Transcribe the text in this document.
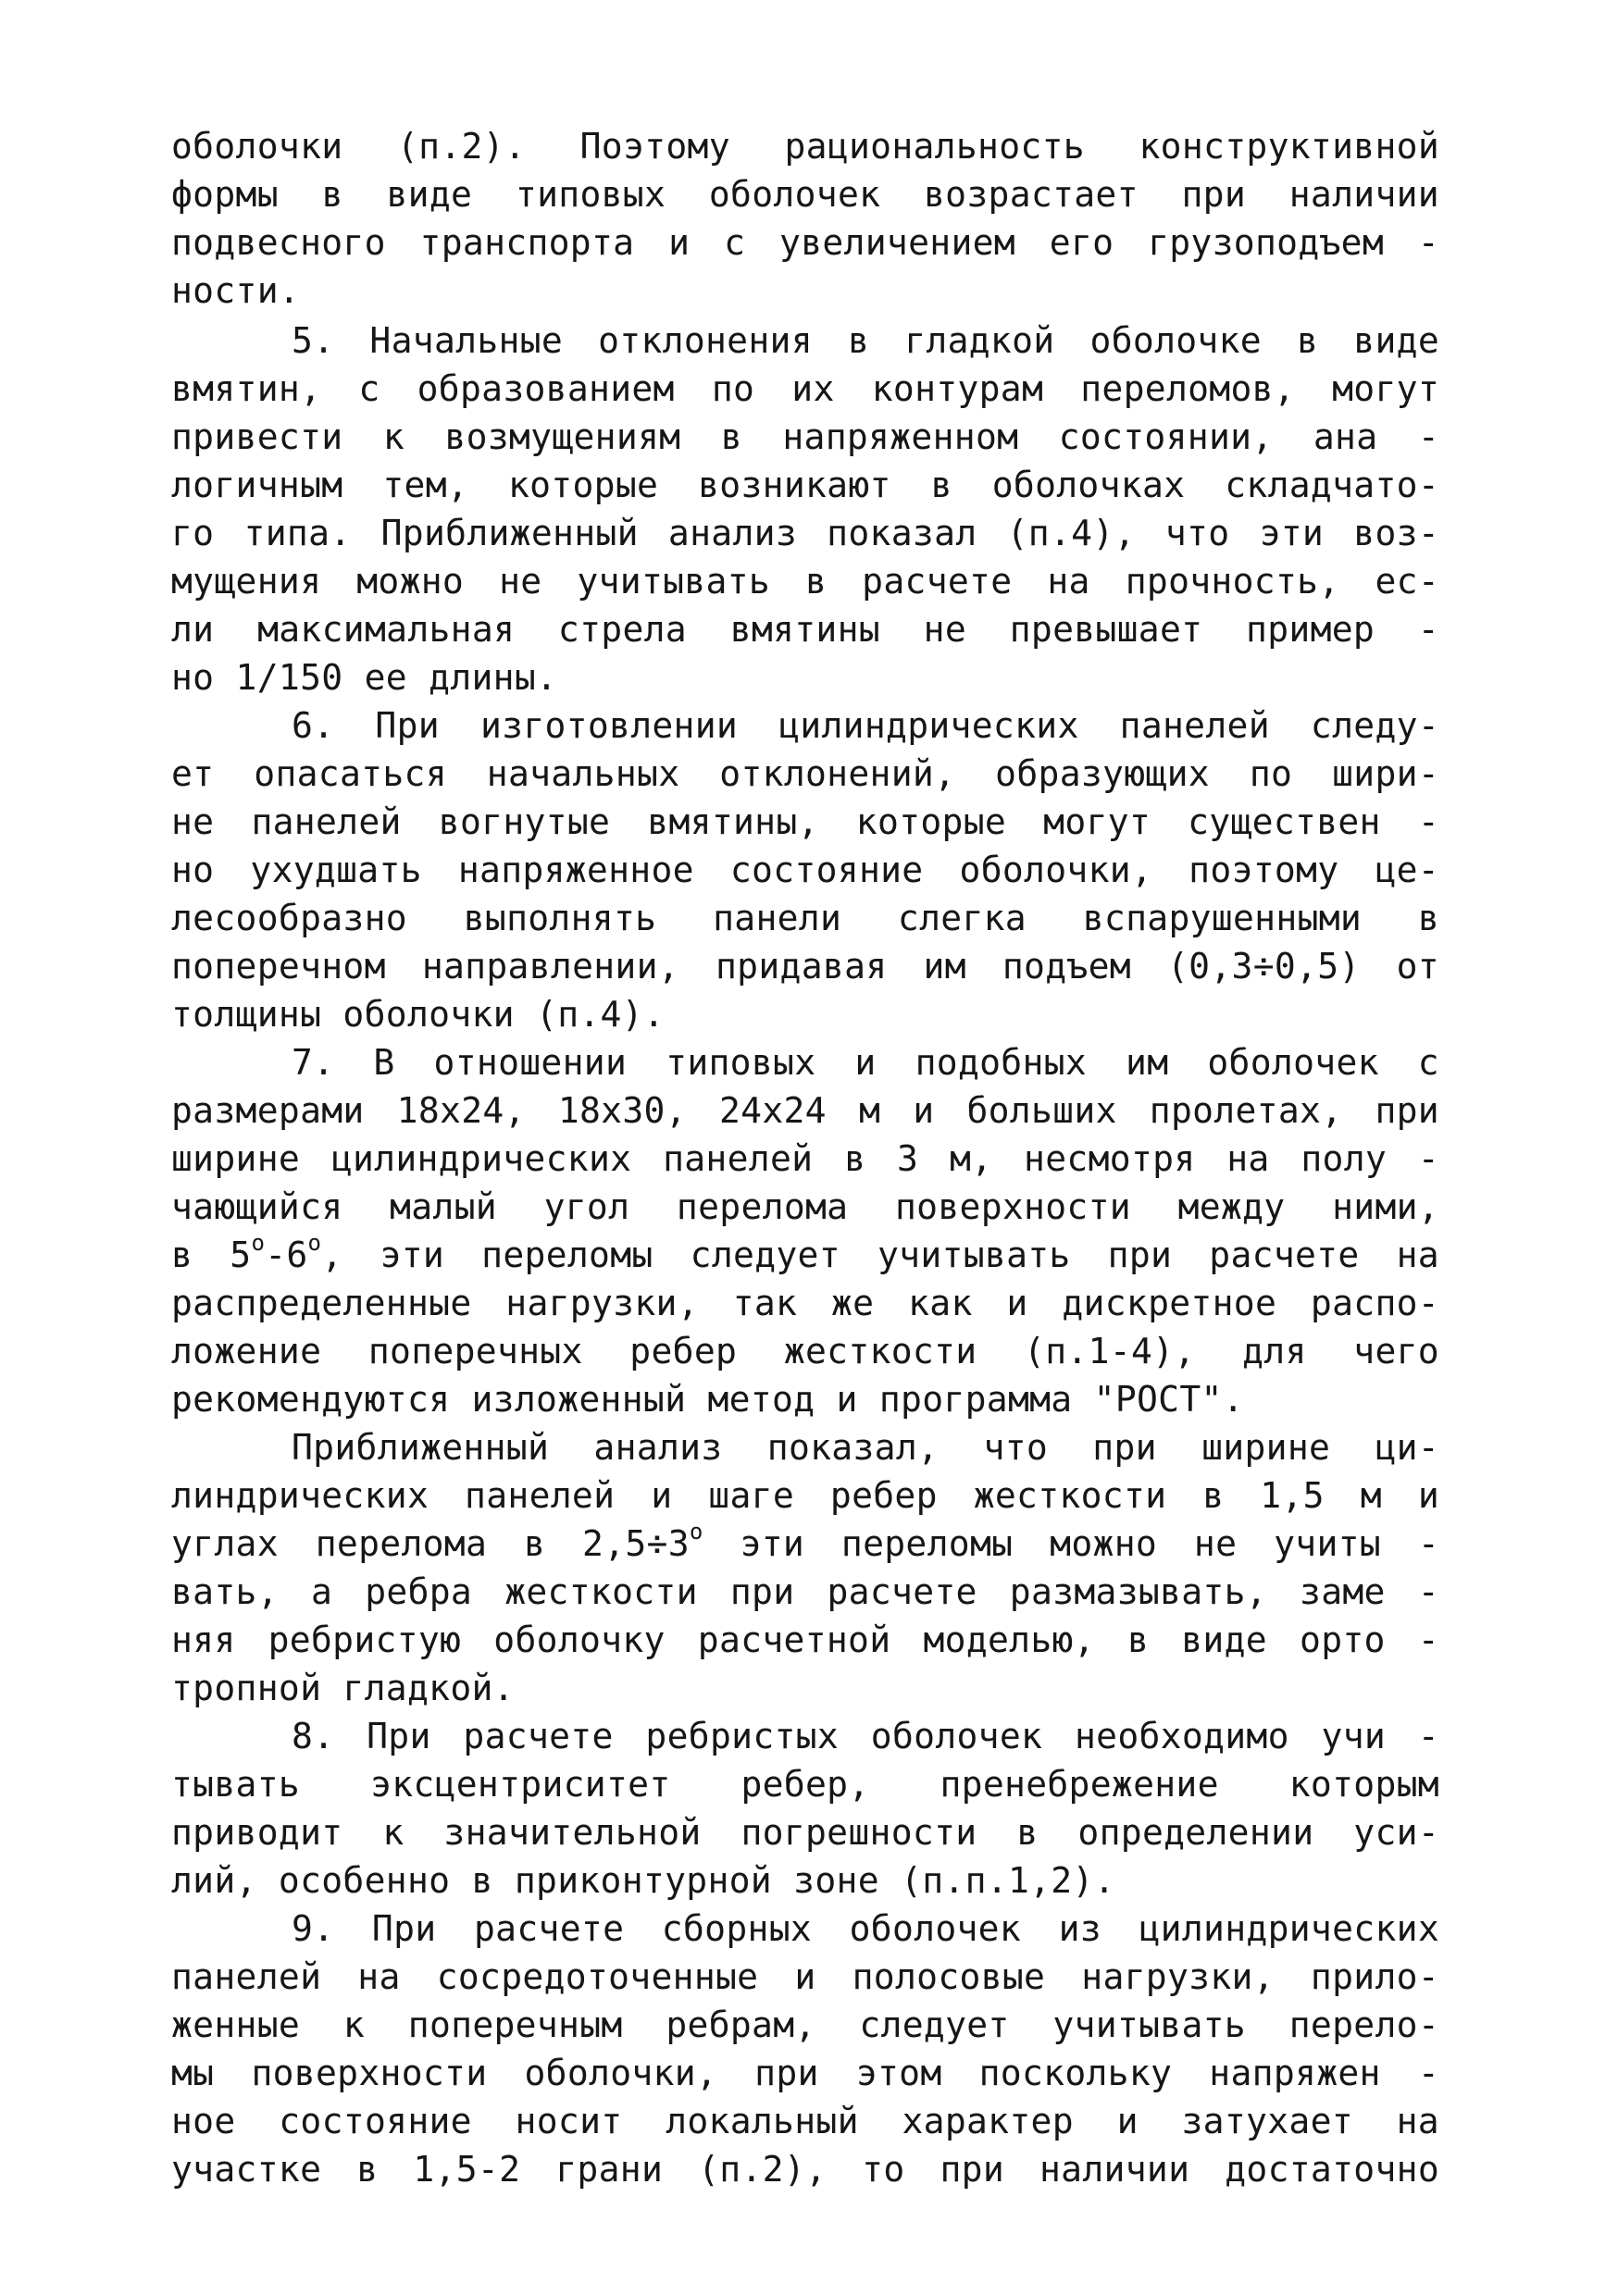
оболочки (п.2). Поэтому рациональность конструктивной
формы в виде типовых оболочек возрастает при наличии
подвесного транспорта и с увеличением его грузоподъем -
ности.
5. Начальные отклонения в гладкой оболочке в виде
вмятин, с образованием по их контурам переломов, могут
привести к возмущениям в напряженном состоянии, ана -
логичным тем, которые возникают в оболочках складчато-
го типа. Приближенный анализ показал (п.4), что эти воз-
мущения можно не учитывать в расчете на прочность, ес-
ли максимальная стрела вмятины не превышает пример -
но 1/150 ее длины.
6. При изготовлении цилиндрических панелей следу-
ет опасаться начальных отклонений, образующих по шири-
не панелей вогнутые вмятины, которые могут существен -
но ухудшать напряженное состояние оболочки, поэтому це-
лесообразно выполнять панели слегка вспарушенными в
поперечном направлении, придавая им подъем (0,3÷0,5) от
толщины оболочки (п.4).
7. В отношении типовых и подобных им оболочек с
размерами 18x24, 18x30, 24x24 м и больших пролетах, при
ширине цилиндрических панелей в 3 м, несмотря на полу -
чающийся малый угол перелома поверхности между ними,
в $5^о-6^о$, эти переломы следует учитывать при расчете на
распределенные нагрузки, так же как и дискретное распо-
ложение поперечных ребер жесткости (п.1-4), для чего
рекомендуются изложенный метод и программа "РОСТ".
Приближенный анализ показал, что при ширине ци-
линдрических панелей и шаге ребер жесткости в 1,5 м и
углах перелома в $2,5\div 3^о$ эти переломы можно не учиты -
вать, а ребра жесткости при расчете размазывать, заме -
няя ребристую оболочку расчетной моделью, в виде орто -
тропной гладкой.
8. При расчете ребристых оболочек необходимо учи -
тывать эксцентриситет ребер, пренебрежение которым
приводит к значительной погрешности в определении уси-
лий, особенно в приконтурной зоне (п.п.1,2).
9. При расчете сборных оболочек из цилиндрических
панелей на сосредоточенные и полосовые нагрузки, прило-
женные к поперечным ребрам, следует учитывать перело-
мы поверхности оболочки, при этом поскольку напряжен -
ное состояние носит локальный характер и затухает на
участке в 1,5-2 грани (п.2), то при наличии достаточно
